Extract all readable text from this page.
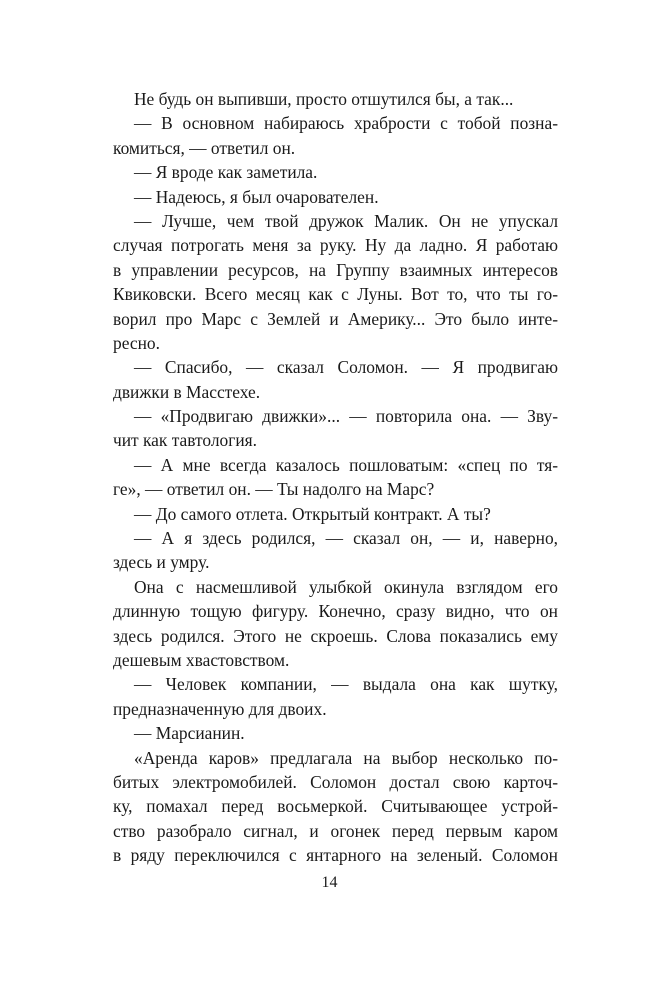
Не будь он выпивши, просто отшутился бы, а так...
— В основном набираюсь храбрости с тобой позна-
комиться, — ответил он.
— Я вроде как заметила.
— Надеюсь, я был очарователен.
— Лучше, чем твой дружок Малик. Он не упускал
случая потрогать меня за руку. Ну да ладно. Я работаю
в управлении ресурсов, на Группу взаимных интересов
Квиковски. Всего месяц как с Луны. Вот то, что ты го-
ворил про Марс с Землей и Америку... Это было инте-
ресно.
— Спасибо, — сказал Соломон. — Я продвигаю
движки в Масстехе.
— «Продвигаю движки»... — повторила она. — Зву-
чит как тавтология.
— А мне всегда казалось пошловатым: «спец по тя-
ге», — ответил он. — Ты надолго на Марс?
— До самого отлета. Открытый контракт. А ты?
— А я здесь родился, — сказал он, — и, наверно,
здесь и умру.
Она с насмешливой улыбкой окинула взглядом его
длинную тощую фигуру. Конечно, сразу видно, что он
здесь родился. Этого не скроешь. Слова показались ему
дешевым хвастовством.
— Человек компании, — выдала она как шутку,
предназначенную для двоих.
— Марсианин.
«Аренда каров» предлагала на выбор несколько по-
битых электромобилей. Соломон достал свою карточ-
ку, помахал перед восьмеркой. Считывающее устрой-
ство разобрало сигнал, и огонек перед первым каром
в ряду переключился с янтарного на зеленый. Соломон
14
